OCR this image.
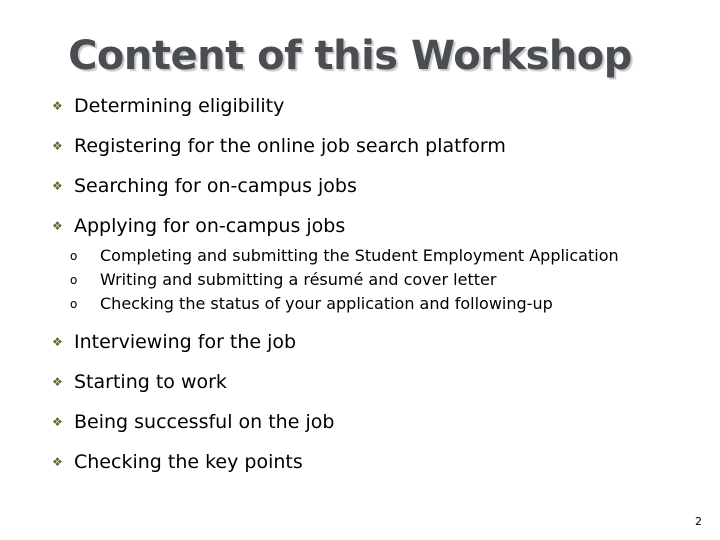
Content of this Workshop
❖ Determining eligibility
❖ Registering for the online job search platform
❖ Searching for on-campus jobs
❖ Applying for on-campus jobs
o	Completing and submitting the Student Employment Application
o	Writing and submitting a résumé and cover letter
o	Checking the status of your application and following-up
❖ Interviewing for the job
❖ Starting to work
❖ Being successful on the job
❖ Checking the key points
2
